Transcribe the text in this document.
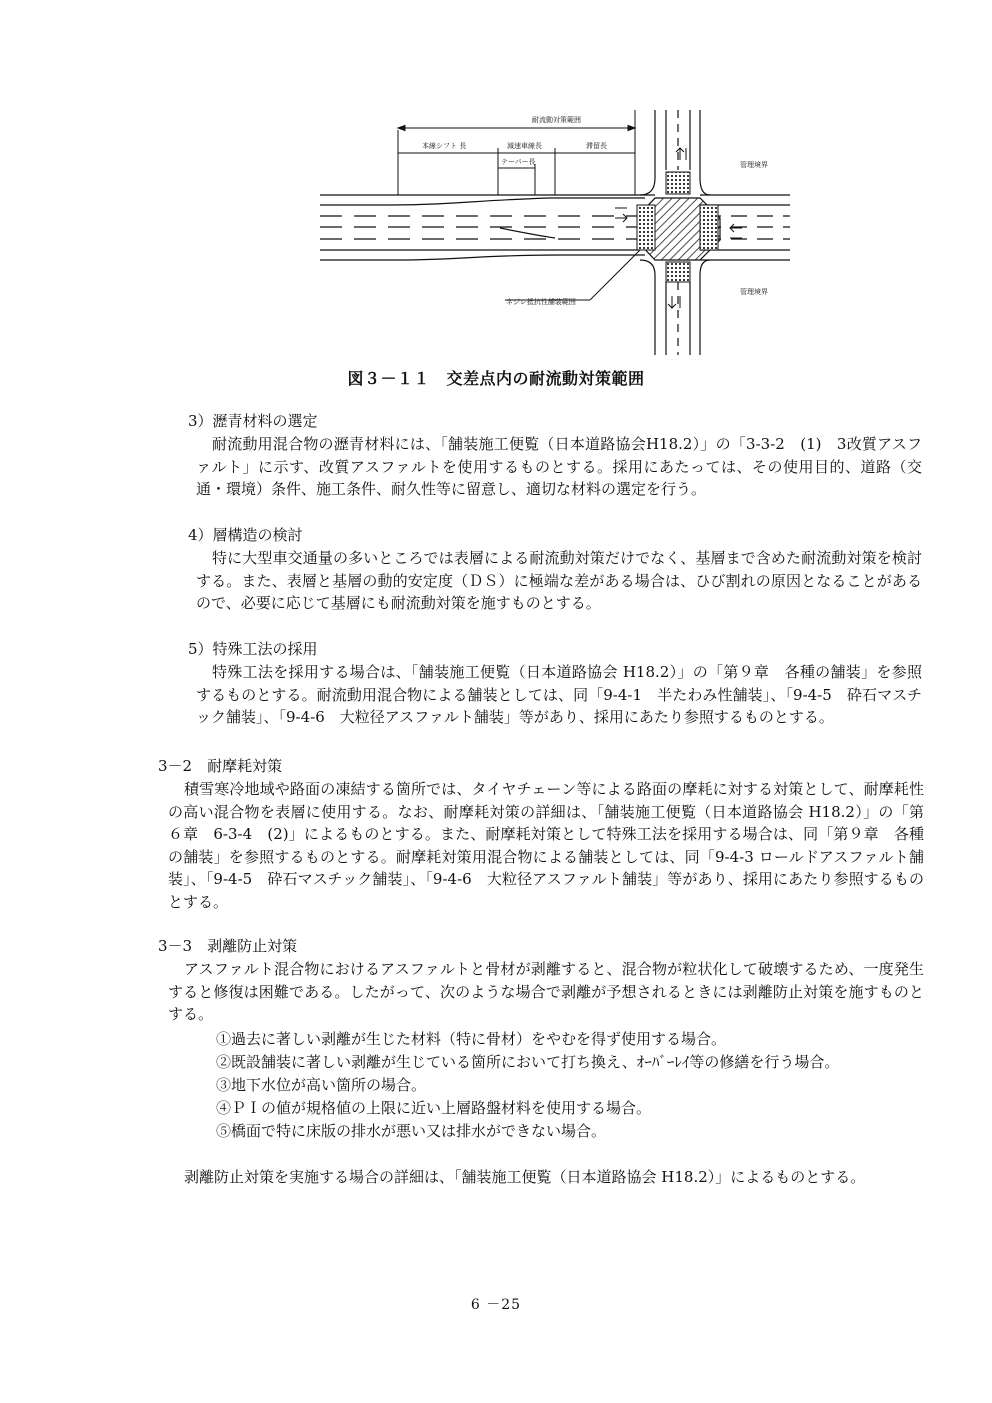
耐流動対策範囲
本線シフト 長	減速車線長	滞留長
テーパー長	管理境界
管理境界
ネジレ抵抗性舗装範囲
図３－１１　交差点内の耐流動対策範囲
3）瀝青材料の選定
耐流動用混合物の瀝青材料には、「舗装施工便覧（日本道路協会H18.2）」の「3-3-2　(1)　3改質アスファルト」に示す、改質アスファルトを使用するものとする。採用にあたっては、その使用目的、道路（交通・環境）条件、施工条件、耐久性等に留意し、適切な材料の選定を行う。
4）層構造の検討
特に大型車交通量の多いところでは表層による耐流動対策だけでなく、基層まで含めた耐流動対策を検討する。また、表層と基層の動的安定度（ＤＳ）に極端な差がある場合は、ひび割れの原因となることがあるので、必要に応じて基層にも耐流動対策を施すものとする。
5）特殊工法の採用
特殊工法を採用する場合は、「舗装施工便覧（日本道路協会 H18.2）」の「第９章　各種の舗装」を参照するものとする。耐流動用混合物による舗装としては、同「9-4-1　半たわみ性舗装」、「9-4-5　砕石マスチック舗装」、「9-4-6　大粒径アスファルト舗装」等があり、採用にあたり参照するものとする。
3－2　耐摩耗対策
積雪寒冷地域や路面の凍結する箇所では、タイヤチェーン等による路面の摩耗に対する対策として、耐摩耗性の高い混合物を表層に使用する。なお、耐摩耗対策の詳細は、「舗装施工便覧（日本道路協会 H18.2）」の「第６章　6-3-4　(2)」によるものとする。また、耐摩耗対策として特殊工法を採用する場合は、同「第９章　各種の舗装」を参照するものとする。耐摩耗対策用混合物による舗装としては、同「9-4-3 ロールドアスファルト舗装」、「9-4-5　砕石マスチック舗装」、「9-4-6　大粒径アスファルト舗装」等があり、採用にあたり参照するものとする。
3－3　剥離防止対策
アスファルト混合物におけるアスファルトと骨材が剥離すると、混合物が粒状化して破壊するため、一度発生すると修復は困難である。したがって、次のような場合で剥離が予想されるときには剥離防止対策を施すものとする。
①過去に著しい剥離が生じた材料（特に骨材）をやむを得ず使用する場合。
②既設舗装に著しい剥離が生じている箇所において打ち換え、ｵｰﾊﾞｰﾚｲ等の修繕を行う場合。
③地下水位が高い箇所の場合。
④ＰＩの値が規格値の上限に近い上層路盤材料を使用する場合。
⑤橋面で特に床版の排水が悪い又は排水ができない場合。
剥離防止対策を実施する場合の詳細は、「舗装施工便覧（日本道路協会 H18.2）」によるものとする。
6 －25
